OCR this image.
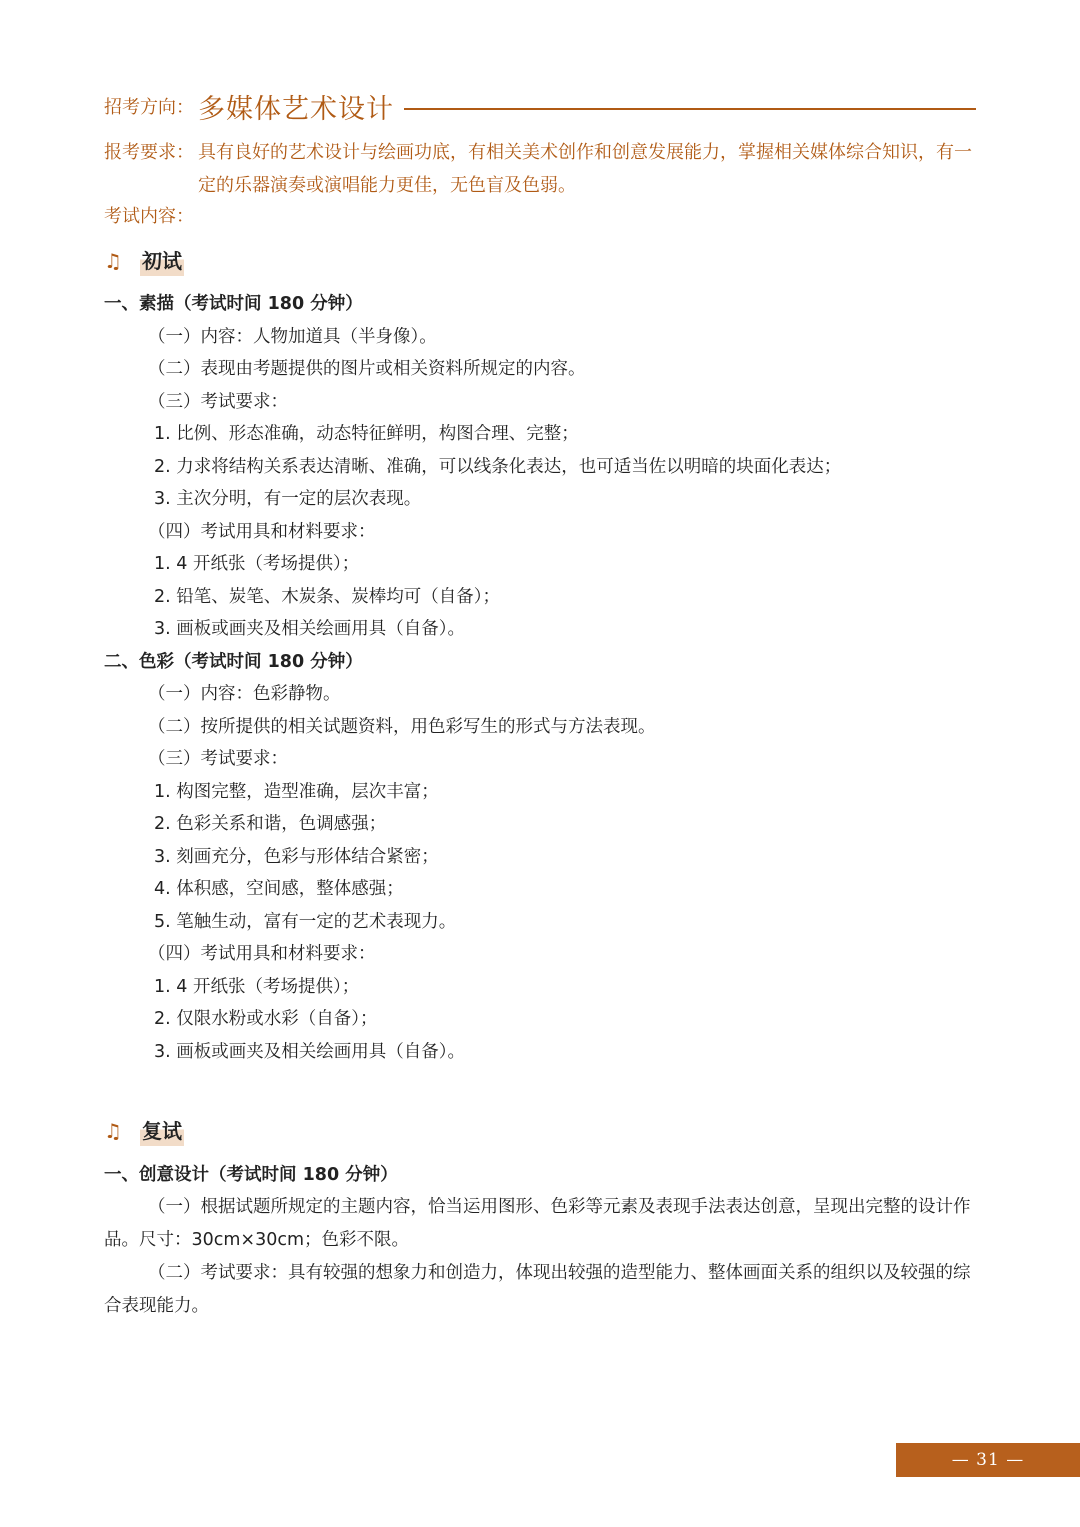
招考方向： 多媒体艺术设计
报考要求： 具有良好的艺术设计与绘画功底，有相关美术创作和创意发展能力，掌握相关媒体综合知识，有一定的乐器演奏或演唱能力更佳，无色盲及色弱。
考试内容：
♫ 初试
一、素描（考试时间 180 分钟）
（一）内容：人物加道具（半身像）。
（二）表现由考题提供的图片或相关资料所规定的内容。
（三）考试要求：
1. 比例、形态准确，动态特征鲜明，构图合理、完整；
2. 力求将结构关系表达清晰、准确，可以线条化表达，也可适当佐以明暗的块面化表达；
3. 主次分明，有一定的层次表现。
（四）考试用具和材料要求：
1. 4 开纸张（考场提供）；
2. 铅笔、炭笔、木炭条、炭棒均可（自备）；
3. 画板或画夹及相关绘画用具（自备）。
二、色彩（考试时间 180 分钟）
（一）内容：色彩静物。
（二）按所提供的相关试题资料，用色彩写生的形式与方法表现。
（三）考试要求：
1. 构图完整，造型准确，层次丰富；
2. 色彩关系和谐，色调感强；
3. 刻画充分，色彩与形体结合紧密；
4. 体积感，空间感，整体感强；
5. 笔触生动，富有一定的艺术表现力。
（四）考试用具和材料要求：
1. 4 开纸张（考场提供）；
2. 仅限水粉或水彩（自备）；
3. 画板或画夹及相关绘画用具（自备）。
♫ 复试
一、创意设计（考试时间 180 分钟）
（一）根据试题所规定的主题内容，恰当运用图形、色彩等元素及表现手法表达创意，呈现出完整的设计作品。尺寸：30cm×30cm；色彩不限。
（二）考试要求：具有较强的想象力和创造力，体现出较强的造型能力、整体画面关系的组织以及较强的综合表现能力。
— 31 —
